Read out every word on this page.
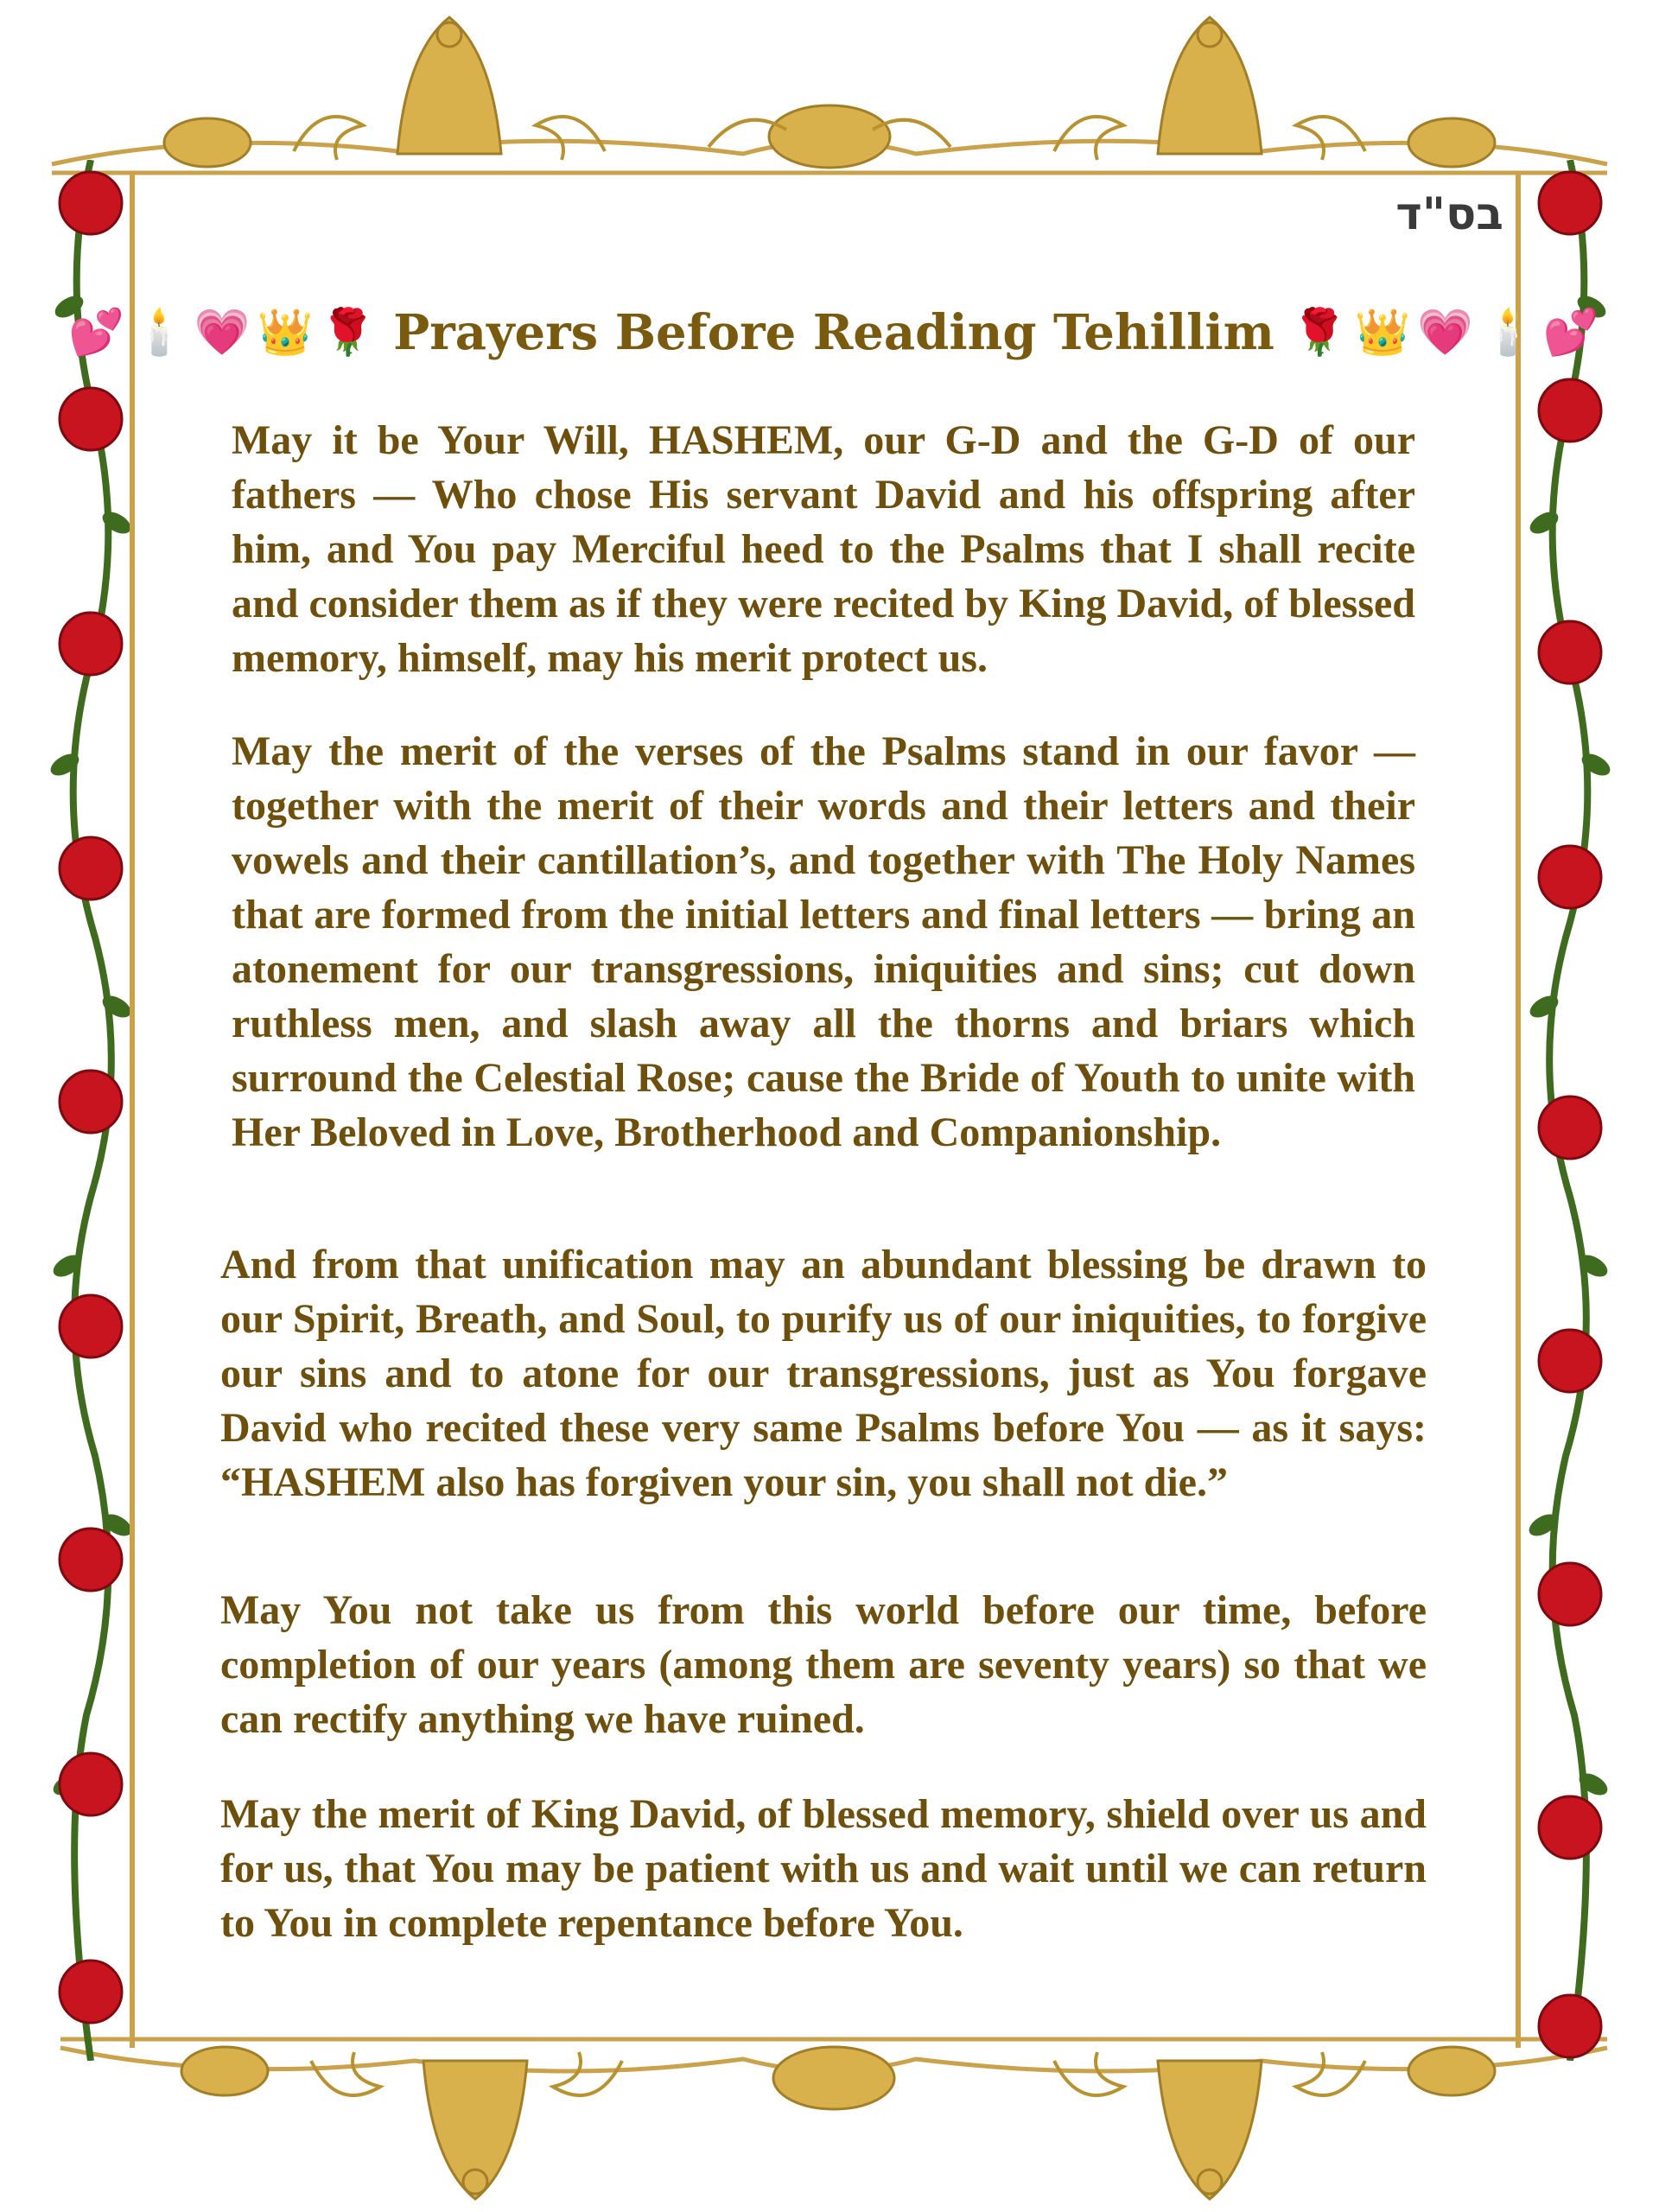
בס"ד
💕 🕯️ 💗 👑 🌹 Prayers Before Reading Tehillim 🌹 👑 💗 🕯️ 💕

May it be Your Will, HASHEM, our G-D and the G-D of our fathers — Who chose His servant David and his offspring after him, and You pay Merciful heed to the Psalms that I shall recite and consider them as if they were recited by King David, of blessed memory, himself, may his merit protect us.

May the merit of the verses of the Psalms stand in our favor — together with the merit of their words and their letters and their vowels and their cantillation’s, and together with The Holy Names that are formed from the initial letters and final letters — bring an atonement for our transgressions, iniquities and sins; cut down ruthless men, and slash away all the thorns and briars which surround the Celestial Rose; cause the Bride of Youth to unite with Her Beloved in Love, Brotherhood and Companionship.

And from that unification may an abundant blessing be drawn to our Spirit, Breath, and Soul, to purify us of our iniquities, to forgive our sins and to atone for our transgressions, just as You forgave David who recited these very same Psalms before You — as it says: “HASHEM also has forgiven your sin, you shall not die.”

May You not take us from this world before our time, before completion of our years (among them are seventy years) so that we can rectify anything we have ruined.

May the merit of King David, of blessed memory, shield over us and for us, that You may be patient with us and wait until we can return to You in complete repentance before You.
